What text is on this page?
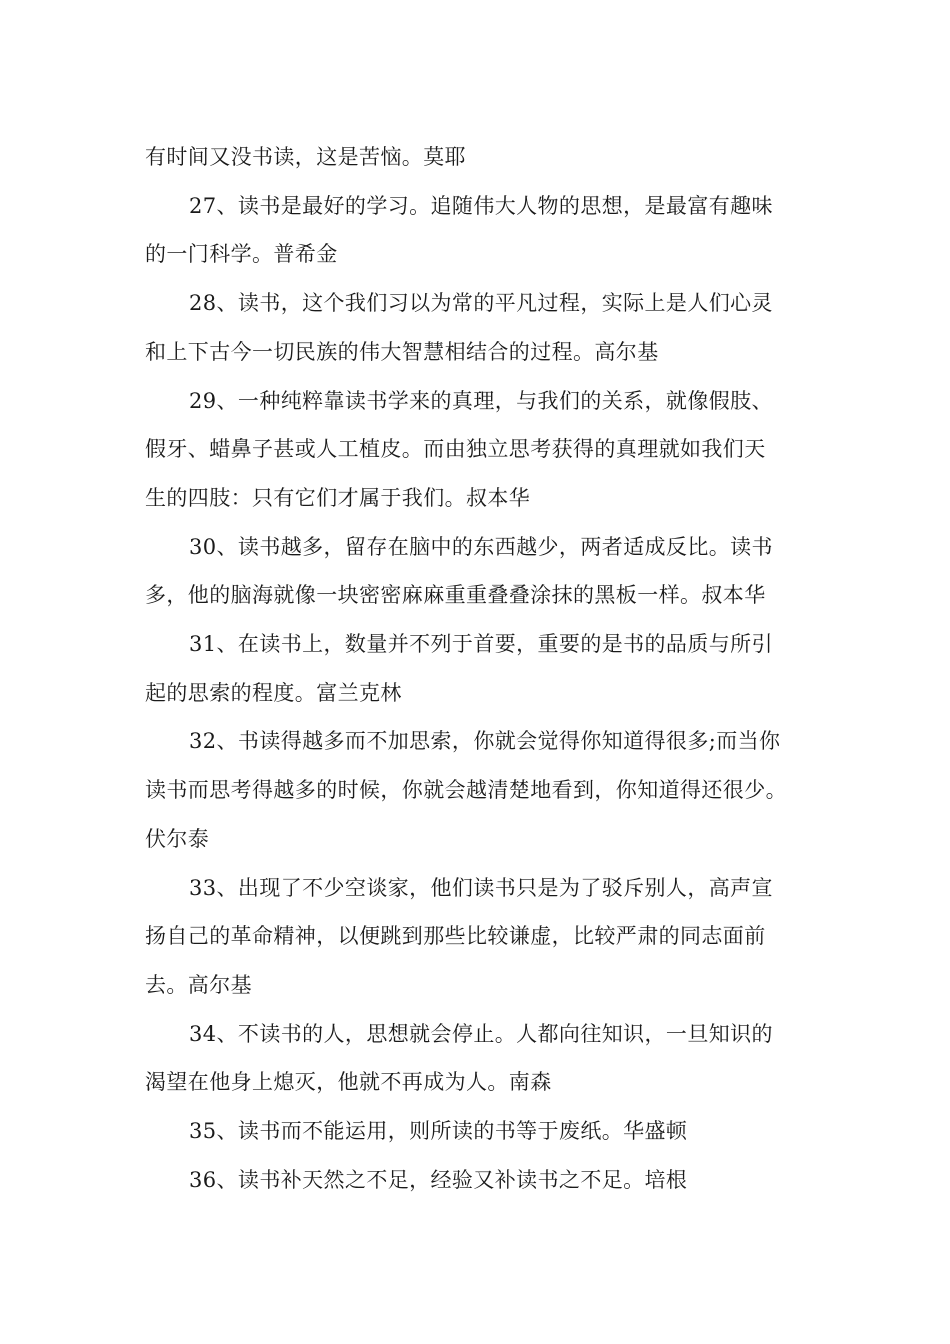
有时间又没书读，这是苦恼。莫耶

27、读书是最好的学习。追随伟大人物的思想，是最富有趣味

的一门科学。普希金

28、读书，这个我们习以为常的平凡过程，实际上是人们心灵

和上下古今一切民族的伟大智慧相结合的过程。高尔基

29、一种纯粹靠读书学来的真理，与我们的关系，就像假肢、

假牙、蜡鼻子甚或人工植皮。而由独立思考获得的真理就如我们天

生的四肢：只有它们才属于我们。叔本华

30、读书越多，留存在脑中的东西越少，两者适成反比。读书

多，他的脑海就像一块密密麻麻重重叠叠涂抹的黑板一样。叔本华

31、在读书上，数量并不列于首要，重要的是书的品质与所引

起的思索的程度。富兰克林

32、书读得越多而不加思索，你就会觉得你知道得很多;而当你

读书而思考得越多的时候，你就会越清楚地看到，你知道得还很少。

伏尔泰

33、出现了不少空谈家，他们读书只是为了驳斥别人，高声宣

扬自己的革命精神，以便跳到那些比较谦虚，比较严肃的同志面前

去。高尔基

34、不读书的人，思想就会停止。人都向往知识，一旦知识的

渴望在他身上熄灭，他就不再成为人。南森

35、读书而不能运用，则所读的书等于废纸。华盛顿

36、读书补天然之不足，经验又补读书之不足。培根
